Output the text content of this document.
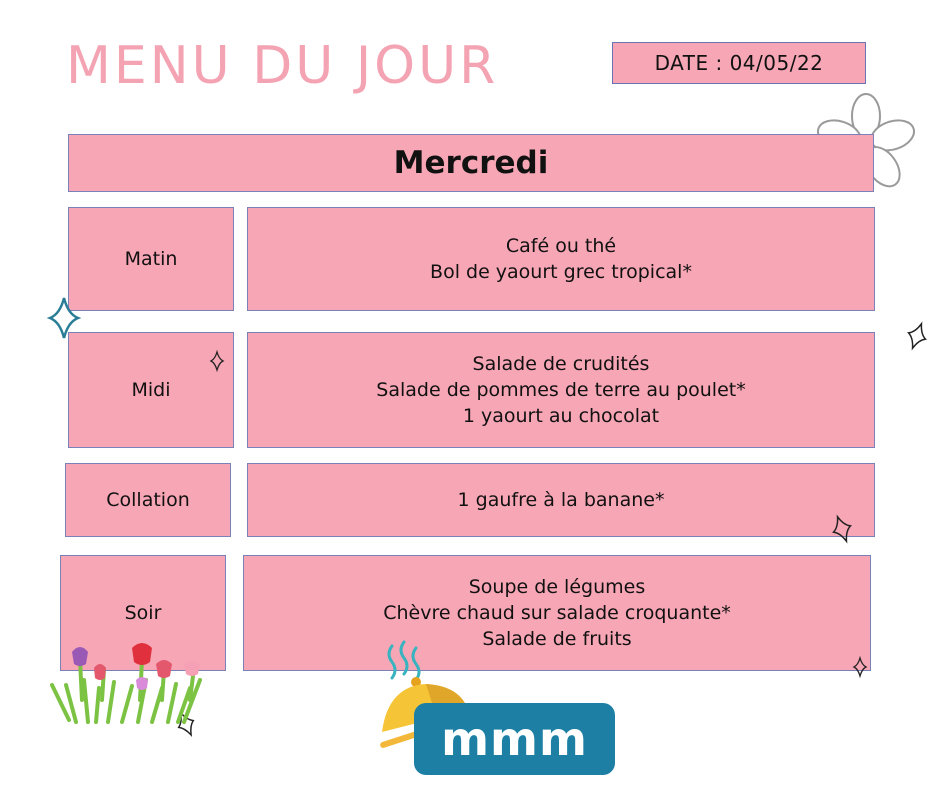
MENU DU JOUR	DATE : 04/05/22
Mercredi
Matin
Café ou thé
Bol de yaourt grec tropical*
Midi
Salade de crudités
Salade de pommes de terre au poulet*
1 yaourt au chocolat
Collation	1 gaufre à la banane*
Soir
Soupe de légumes
Chèvre chaud sur salade croquante*
Salade de fruits
mmm
